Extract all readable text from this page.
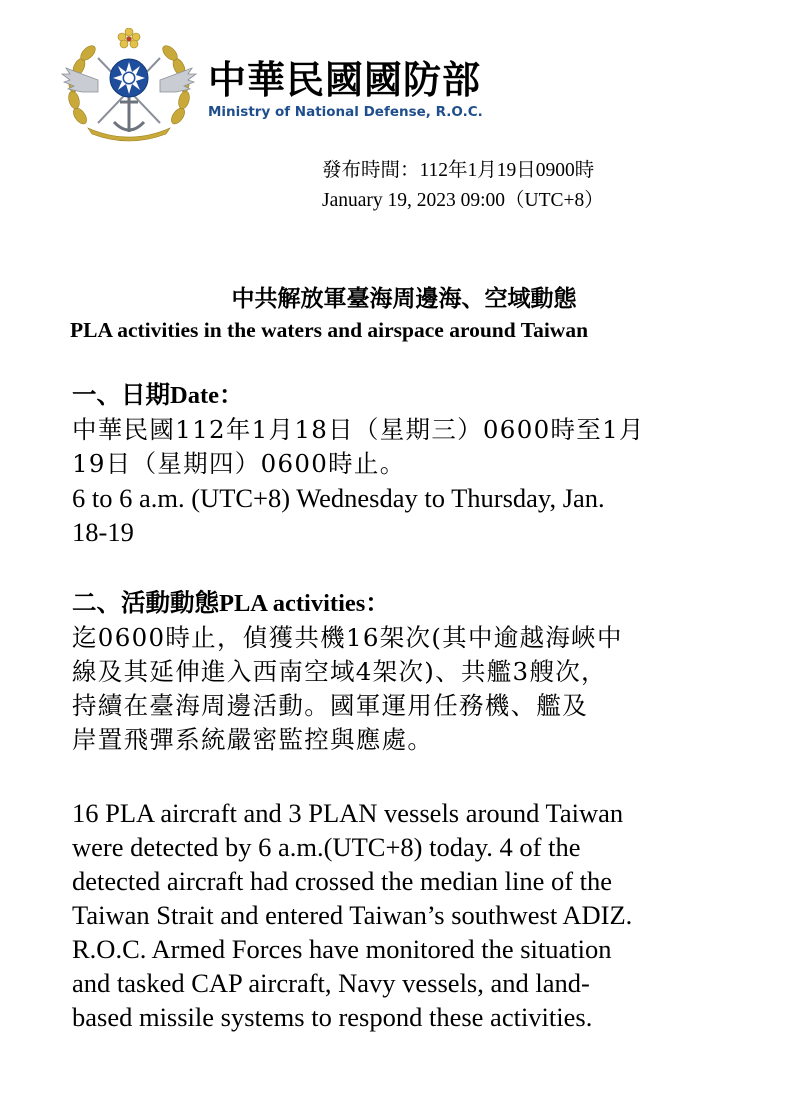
中華民國國防部
Ministry of National Defense, R.O.C.
發布時間：112年1月19日0900時
January 19, 2023 09:00（UTC+8）
中共解放軍臺海周邊海、空域動態
PLA activities in the waters and airspace around Taiwan
一、日期Date：
中華民國112年1月18日（星期三）0600時至1月
19日（星期四）0600時止。
6 to 6 a.m. (UTC+8) Wednesday to Thursday, Jan.
18-19
二、活動動態PLA activities：
迄0600時止，偵獲共機16架次(其中逾越海峽中
線及其延伸進入西南空域4架次)、共艦3艘次，
持續在臺海周邊活動。國軍運用任務機、艦及
岸置飛彈系統嚴密監控與應處。
16 PLA aircraft and 3 PLAN vessels around Taiwan
were detected by 6 a.m.(UTC+8) today. 4 of the
detected aircraft had crossed the median line of the
Taiwan Strait and entered Taiwan’s southwest ADIZ.
R.O.C. Armed Forces have monitored the situation
and tasked CAP aircraft, Navy vessels, and land-
based missile systems to respond these activities.
